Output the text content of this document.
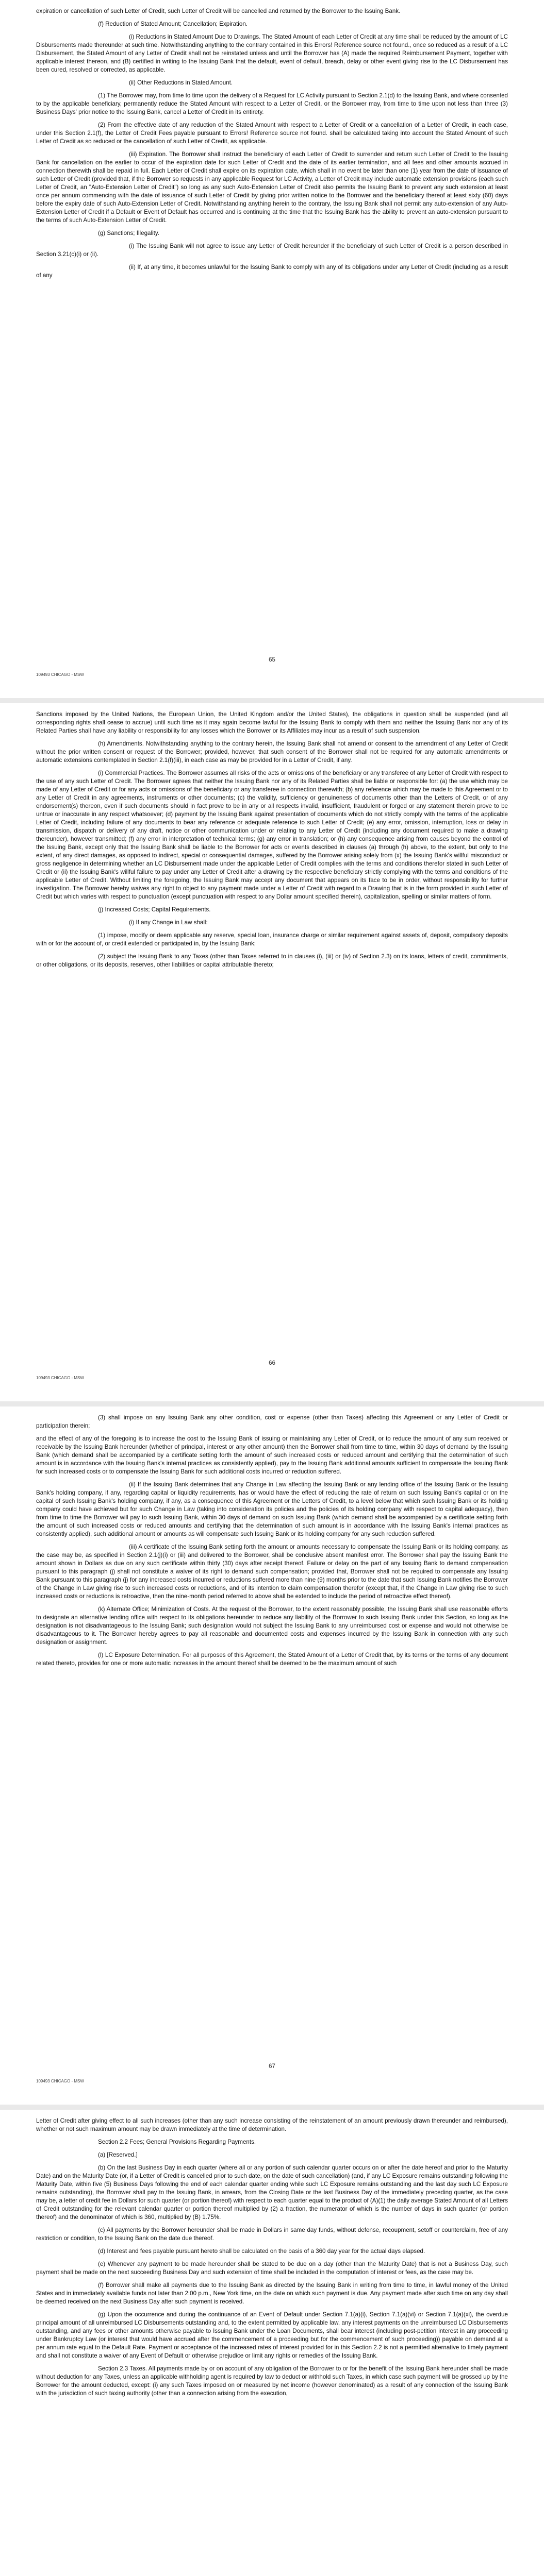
expiration or cancellation of such Letter of Credit, such Letter of Credit will be cancelled and returned by the Borrower to the Issuing Bank.

(f) Reduction of Stated Amount; Cancellation; Expiration.

(i) Reductions in Stated Amount Due to Drawings. The Stated Amount of each Letter of Credit at any time shall be reduced by the amount of LC Disbursements made thereunder at such time. Notwithstanding anything to the contrary contained in this Errors! Reference source not found., once so reduced as a result of a LC Disbursement, the Stated Amount of any Letter of Credit shall not be reinstated unless and until the Borrower has (A) made the required Reimbursement Payment, together with applicable interest thereon, and (B) certified in writing to the Issuing Bank that the default, event of default, breach, delay or other event giving rise to the LC Disbursement has been cured, resolved or corrected, as applicable.

(ii) Other Reductions in Stated Amount.

(1) The Borrower may, from time to time upon the delivery of a Request for LC Activity pursuant to Section 2.1(d) to the Issuing Bank, and where consented to by the applicable beneficiary, permanently reduce the Stated Amount with respect to a Letter of Credit, or the Borrower may, from time to time upon not less than three (3) Business Days' prior notice to the Issuing Bank, cancel a Letter of Credit in its entirety.

(2) From the effective date of any reduction of the Stated Amount with respect to a Letter of Credit or a cancellation of a Letter of Credit, in each case, under this Section 2.1(f), the Letter of Credit Fees payable pursuant to Errors! Reference source not found. shall be calculated taking into account the Stated Amount of such Letter of Credit as so reduced or the cancellation of such Letter of Credit, as applicable.

(iii) Expiration. The Borrower shall instruct the beneficiary of each Letter of Credit to surrender and return such Letter of Credit to the Issuing Bank for cancellation on the earlier to occur of the expiration date for such Letter of Credit and the date of its earlier termination, and all fees and other amounts accrued in connection therewith shall be repaid in full. Each Letter of Credit shall expire on its expiration date, which shall in no event be later than one (1) year from the date of issuance of such Letter of Credit (provided that, if the Borrower so requests in any applicable Request for LC Activity, a Letter of Credit may include automatic extension provisions (each such Letter of Credit, an "Auto-Extension Letter of Credit") so long as any such Auto-Extension Letter of Credit also permits the Issuing Bank to prevent any such extension at least once per annum commencing with the date of issuance of such Letter of Credit by giving prior written notice to the Borrower and the beneficiary thereof at least sixty (60) days before the expiry date of such Auto-Extension Letter of Credit. Notwithstanding anything herein to the contrary, the Issuing Bank shall not permit any auto-extension of any Auto-Extension Letter of Credit if a Default or Event of Default has occurred and is continuing at the time that the Issuing Bank has the ability to prevent an auto-extension pursuant to the terms of such Auto-Extension Letter of Credit.

(g) Sanctions; Illegality.

(i) The Issuing Bank will not agree to issue any Letter of Credit hereunder if the beneficiary of such Letter of Credit is a person described in Section 3.21(c)(i) or (ii).

(ii) If, at any time, it becomes unlawful for the Issuing Bank to comply with any of its obligations under any Letter of Credit (including as a result of any

65
109493 CHICAGO - MSW

Sanctions imposed by the United Nations, the European Union, the United Kingdom and/or the United States), the obligations in question shall be suspended (and all corresponding rights shall cease to accrue) until such time as it may again become lawful for the Issuing Bank to comply with them and neither the Issuing Bank nor any of its Related Parties shall have any liability or responsibility for any losses which the Borrower or its Affiliates may incur as a result of such suspension.

(h) Amendments. Notwithstanding anything to the contrary herein, the Issuing Bank shall not amend or consent to the amendment of any Letter of Credit without the prior written consent or request of the Borrower; provided, however, that such consent of the Borrower shall not be required for any automatic amendments or automatic extensions contemplated in Section 2.1(f)(iii), in each case as may be provided for in a Letter of Credit, if any.

(i) Commercial Practices. The Borrower assumes all risks of the acts or omissions of the beneficiary or any transferee of any Letter of Credit with respect to the use of any such Letter of Credit. The Borrower agrees that neither the Issuing Bank nor any of its Related Parties shall be liable or responsible for: (a) the use which may be made of any Letter of Credit or for any acts or omissions of the beneficiary or any transferee in connection therewith; (b) any reference which may be made to this Agreement or to any Letter of Credit in any agreements, instruments or other documents; (c) the validity, sufficiency or genuineness of documents other than the Letters of Credit, or of any endorsement(s) thereon, even if such documents should in fact prove to be in any or all respects invalid, insufficient, fraudulent or forged or any statement therein prove to be untrue or inaccurate in any respect whatsoever; (d) payment by the Issuing Bank against presentation of documents which do not strictly comply with the terms of the applicable Letter of Credit, including failure of any documents to bear any reference or adequate reference to such Letter of Credit; (e) any error, omission, interruption, loss or delay in transmission, dispatch or delivery of any draft, notice or other communication under or relating to any Letter of Credit (including any document required to make a drawing thereunder), however transmitted; (f) any error in interpretation of technical terms; (g) any error in translation; or (h) any consequence arising from causes beyond the control of the Issuing Bank, except only that the Issuing Bank shall be liable to the Borrower for acts or events described in clauses (a) through (h) above, to the extent, but only to the extent, of any direct damages, as opposed to indirect, special or consequential damages, suffered by the Borrower arising solely from (x) the Issuing Bank's willful misconduct or gross negligence in determining whether an LC Disbursement made under the applicable Letter of Credit complies with the terms and conditions therefor stated in such Letter of Credit or (ii) the Issuing Bank's willful failure to pay under any Letter of Credit after a drawing by the respective beneficiary strictly complying with the terms and conditions of the applicable Letter of Credit. Without limiting the foregoing, the Issuing Bank may accept any document that appears on its face to be in order, without responsibility for further investigation. The Borrower hereby waives any right to object to any payment made under a Letter of Credit with regard to a Drawing that is in the form provided in such Letter of Credit but which varies with respect to punctuation (except punctuation with respect to any Dollar amount specified therein), capitalization, spelling or similar matters of form.

(j) Increased Costs; Capital Requirements.

(i) If any Change in Law shall:

(1) impose, modify or deem applicable any reserve, special loan, insurance charge or similar requirement against assets of, deposit, compulsory deposits with or for the account of, or credit extended or participated in, by the Issuing Bank;

(2) subject the Issuing Bank to any Taxes (other than Taxes referred to in clauses (i), (iii) or (iv) of Section 2.3) on its loans, letters of credit, commitments, or other obligations, or its deposits, reserves, other liabilities or capital attributable thereto;

66
109493 CHICAGO - MSW

(3) shall impose on any Issuing Bank any other condition, cost or expense (other than Taxes) affecting this Agreement or any Letter of Credit or participation therein;

and the effect of any of the foregoing is to increase the cost to the Issuing Bank of issuing or maintaining any Letter of Credit, or to reduce the amount of any sum received or receivable by the Issuing Bank hereunder (whether of principal, interest or any other amount) then the Borrower shall from time to time, within 30 days of demand by the Issuing Bank (which demand shall be accompanied by a certificate setting forth the amount of such increased costs or reduced amount and certifying that the determination of such amount is in accordance with the Issuing Bank's internal practices as consistently applied), pay to the Issuing Bank additional amounts sufficient to compensate the Issuing Bank for such increased costs or to compensate the Issuing Bank for such additional costs incurred or reduction suffered.

(ii) If the Issuing Bank determines that any Change in Law affecting the Issuing Bank or any lending office of the Issuing Bank or the Issuing Bank's holding company, if any, regarding capital or liquidity requirements, has or would have the effect of reducing the rate of return on such Issuing Bank's capital or on the capital of such Issuing Bank's holding company, if any, as a consequence of this Agreement or the Letters of Credit, to a level below that which such Issuing Bank or its holding company could have achieved but for such Change in Law (taking into consideration its policies and the policies of its holding company with respect to capital adequacy), then from time to time the Borrower will pay to such Issuing Bank, within 30 days of demand on such Issuing Bank (which demand shall be accompanied by a certificate setting forth the amount of such increased costs or reduced amounts and certifying that the determination of such amount is in accordance with the Issuing Bank's internal practices as consistently applied), such additional amount or amounts as will compensate such Issuing Bank or its holding company for any such reduction suffered.

(iii) A certificate of the Issuing Bank setting forth the amount or amounts necessary to compensate the Issuing Bank or its holding company, as the case may be, as specified in Section 2.1(j)(i) or (iii) and delivered to the Borrower, shall be conclusive absent manifest error. The Borrower shall pay the Issuing Bank the amount shown in Dollars as due on any such certificate within thirty (30) days after receipt thereof. Failure or delay on the part of any Issuing Bank to demand compensation pursuant to this paragraph (j) shall not constitute a waiver of its right to demand such compensation; provided that, Borrower shall not be required to compensate any Issuing Bank pursuant to this paragraph (j) for any increased costs incurred or reductions suffered more than nine (9) months prior to the date that such Issuing Bank notifies the Borrower of the Change in Law giving rise to such increased costs or reductions, and of its intention to claim compensation therefor (except that, if the Change in Law giving rise to such increased costs or reductions is retroactive, then the nine-month period referred to above shall be extended to include the period of retroactive effect thereof).

(k) Alternate Office; Minimization of Costs. At the request of the Borrower, to the extent reasonably possible, the Issuing Bank shall use reasonable efforts to designate an alternative lending office with respect to its obligations hereunder to reduce any liability of the Borrower to such Issuing Bank under this Section, so long as the designation is not disadvantageous to the Issuing Bank; such designation would not subject the Issuing Bank to any unreimbursed cost or expense and would not otherwise be disadvantageous to it. The Borrower hereby agrees to pay all reasonable and documented costs and expenses incurred by the Issuing Bank in connection with any such designation or assignment.

(l) LC Exposure Determination. For all purposes of this Agreement, the Stated Amount of a Letter of Credit that, by its terms or the terms of any document related thereto, provides for one or more automatic increases in the amount thereof shall be deemed to be the maximum amount of such

67
109493 CHICAGO - MSW

Letter of Credit after giving effect to all such increases (other than any such increase consisting of the reinstatement of an amount previously drawn thereunder and reimbursed), whether or not such maximum amount may be drawn immediately at the time of determination.

Section 2.2 Fees; General Provisions Regarding Payments.

(a) [Reserved.]

(b) On the last Business Day in each quarter (where all or any portion of such calendar quarter occurs on or after the date hereof and prior to the Maturity Date) and on the Maturity Date (or, if a Letter of Credit is cancelled prior to such date, on the date of such cancellation) (and, if any LC Exposure remains outstanding following the Maturity Date, within five (5) Business Days following the end of each calendar quarter ending while such LC Exposure remains outstanding and the last day such LC Exposure remains outstanding), the Borrower shall pay to the Issuing Bank, in arrears, from the Closing Date or the last Business Day of the immediately preceding quarter, as the case may be, a letter of credit fee in Dollars for such quarter (or portion thereof) with respect to each quarter equal to the product of (A)(1) the daily average Stated Amount of all Letters of Credit outstanding for the relevant calendar quarter or portion thereof multiplied by (2) a fraction, the numerator of which is the number of days in such quarter (or portion thereof) and the denominator of which is 360, multiplied by (B) 1.75%.

(c) All payments by the Borrower hereunder shall be made in Dollars in same day funds, without defense, recoupment, setoff or counterclaim, free of any restriction or condition, to the Issuing Bank on the date due thereof.

(d) Interest and fees payable pursuant hereto shall be calculated on the basis of a 360 day year for the actual days elapsed.

(e) Whenever any payment to be made hereunder shall be stated to be due on a day (other than the Maturity Date) that is not a Business Day, such payment shall be made on the next succeeding Business Day and such extension of time shall be included in the computation of interest or fees, as the case may be.

(f) Borrower shall make all payments due to the Issuing Bank as directed by the Issuing Bank in writing from time to time, in lawful money of the United States and in immediately available funds not later than 2:00 p.m., New York time, on the date on which such payment is due. Any payment made after such time on any day shall be deemed received on the next Business Day after such payment is received.

(g) Upon the occurrence and during the continuance of an Event of Default under Section 7.1(a)(i), Section 7.1(a)(vi) or Section 7.1(a)(xi), the overdue principal amount of all unreimbursed LC Disbursements outstanding and, to the extent permitted by applicable law, any interest payments on the unreimbursed LC Disbursements outstanding, and any fees or other amounts otherwise payable to Issuing Bank under the Loan Documents, shall bear interest (including post-petition interest in any proceeding under Bankruptcy Law (or interest that would have accrued after the commencement of a proceeding but for the commencement of such proceeding)) payable on demand at a per annum rate equal to the Default Rate. Payment or acceptance of the increased rates of interest provided for in this Section 2.2 is not a permitted alternative to timely payment and shall not constitute a waiver of any Event of Default or otherwise prejudice or limit any rights or remedies of the Issuing Bank.

Section 2.3 Taxes. All payments made by or on account of any obligation of the Borrower to or for the benefit of the Issuing Bank hereunder shall be made without deduction for any Taxes, unless an applicable withholding agent is required by law to deduct or withhold such Taxes, in which case such payment will be grossed up by the Borrower for the amount deducted, except: (i) any such Taxes imposed on or measured by net income (however denominated) as a result of any connection of the Issuing Bank with the jurisdiction of such taxing authority (other than a connection arising from the execution,
